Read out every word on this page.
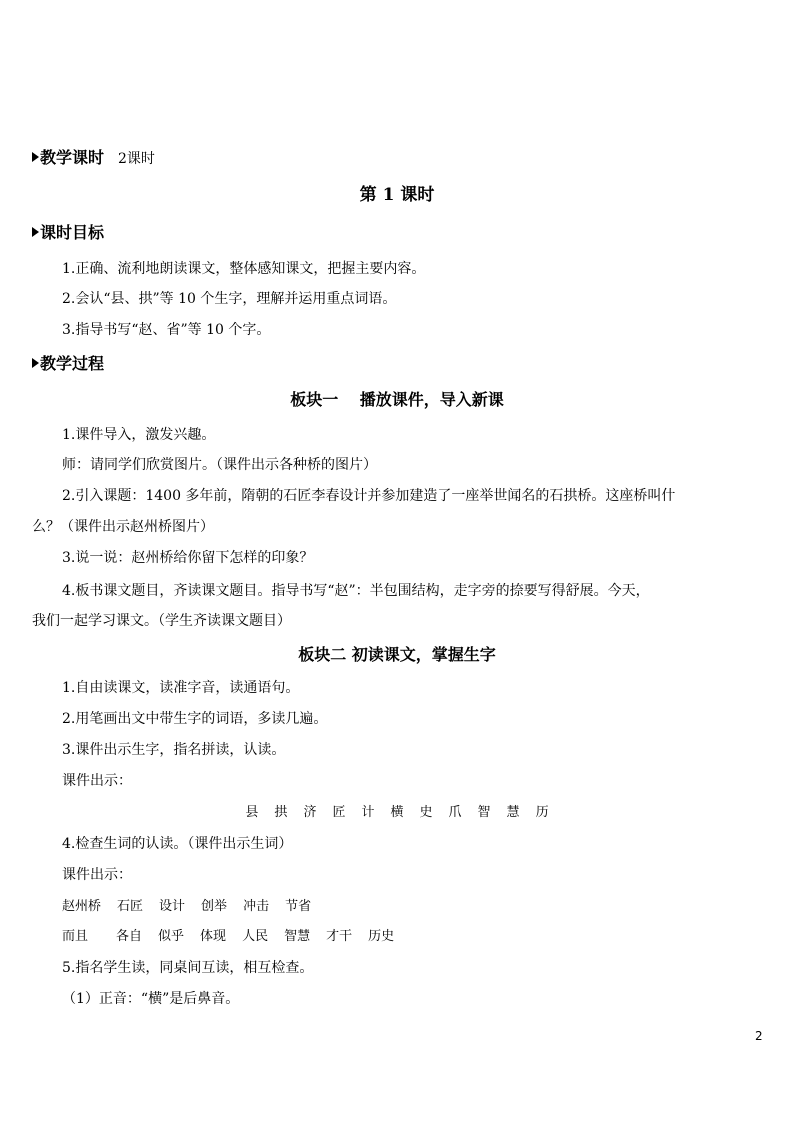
教学课时 2课时
第 1 课时
课时目标
1.正确、流利地朗读课文，整体感知课文，把握主要内容。
2.会认“县、拱”等 10 个生字，理解并运用重点词语。
3.指导书写“赵、省”等 10 个字。
教学过程
板块一　 播放课件，导入新课
1.课件导入，激发兴趣。
师：请同学们欣赏图片。（课件出示各种桥的图片）
2.引入课题：1400 多年前，隋朝的石匠李春设计并参加建造了一座举世闻名的石拱桥。这座桥叫什
么？（课件出示赵州桥图片）
3.说一说：赵州桥给你留下怎样的印象？
4.板书课文题目，齐读课文题目。指导书写“赵”：半包围结构，走字旁的捺要写得舒展。今天，
我们一起学习课文。（学生齐读课文题目）
板块二 初读课文，掌握生字
1.自由读课文，读准字音，读通语句。
2.用笔画出文中带生字的词语，多读几遍。
3.课件出示生字，指名拼读，认读。
课件出示：
县 拱 济 匠 计 横 史 爪 智 慧 历
4.检查生词的认读。（课件出示生词）
课件出示：
赵州桥 石匠 设计 创举 冲击 节省
而且 各自 似乎 体现 人民 智慧 才干 历史
5.指名学生读，同桌间互读，相互检查。
（1）正音：“横”是后鼻音。
2
